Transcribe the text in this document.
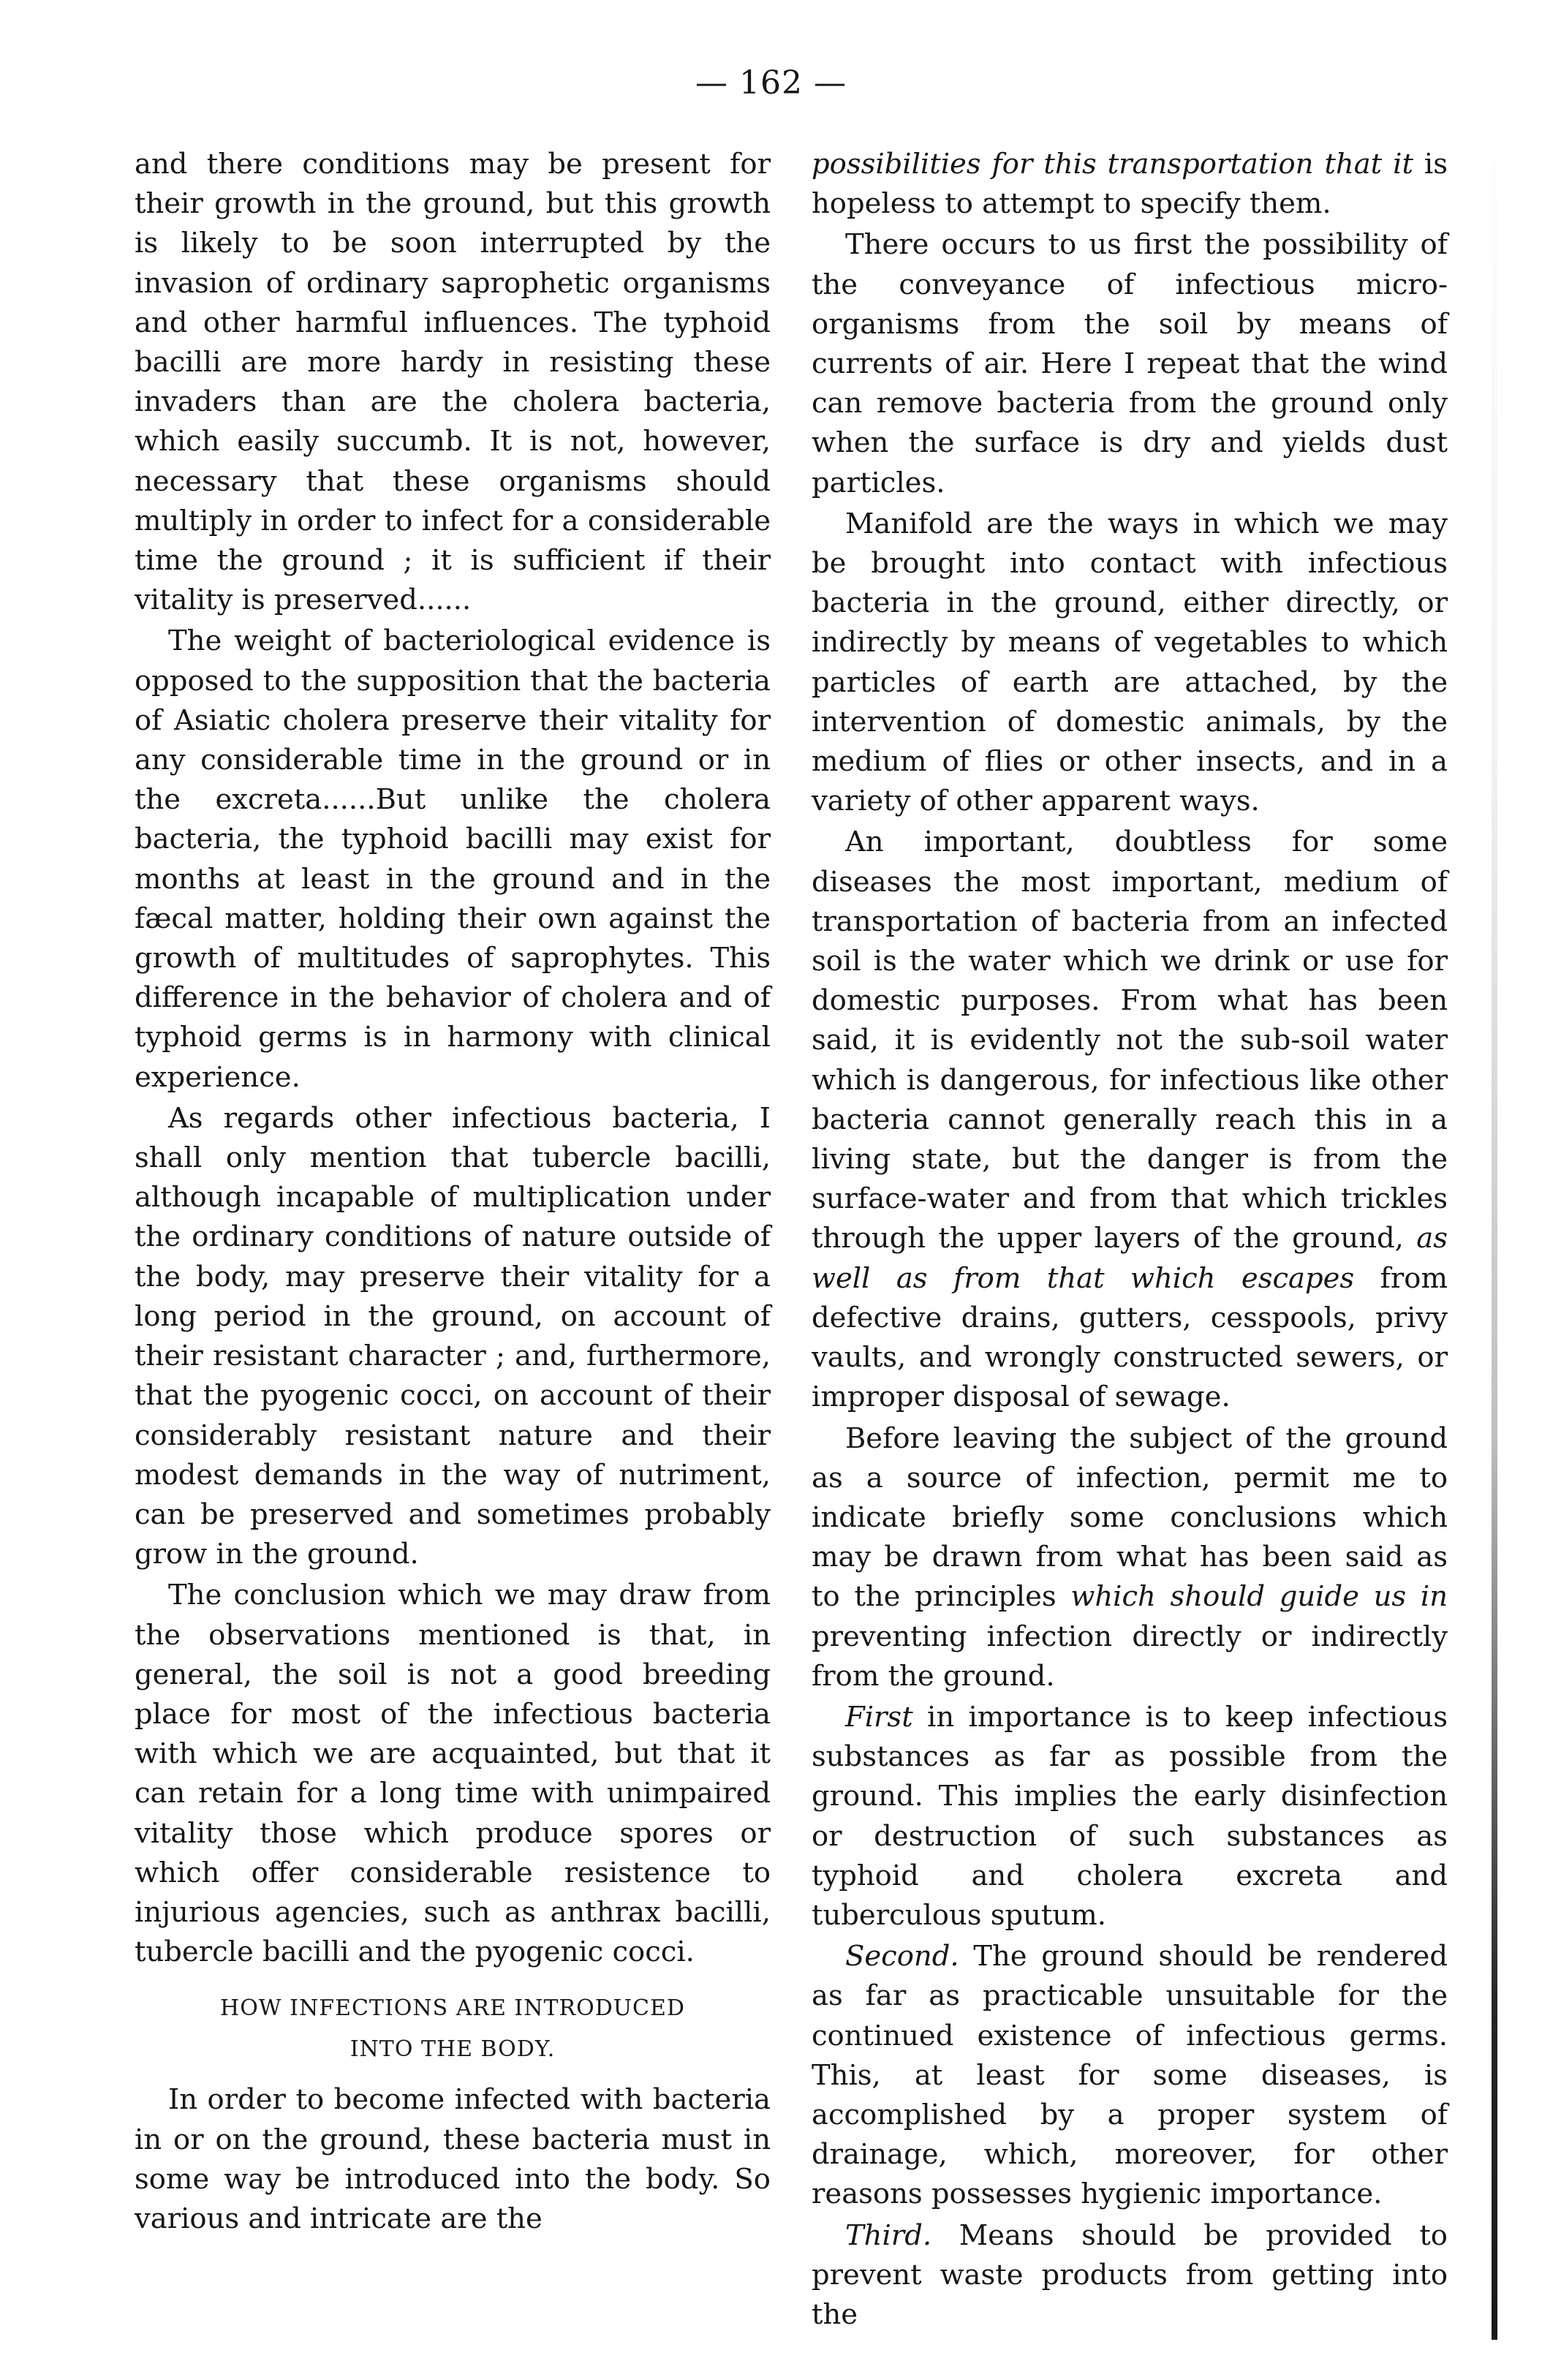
— 162 —

and there conditions may be present for their growth in the ground, but this growth is likely to be soon interrupted by the invasion of ordinary saprophetic organisms and other harmful influences. The typhoid bacilli are more hardy in resisting these invaders than are the cholera bacteria, which easily succumb. It is not, however, necessary that these organisms should multiply in order to infect for a considerable time the ground ; it is sufficient if their vitality is preserved......

The weight of bacteriological evidence is opposed to the supposition that the bacteria of Asiatic cholera preserve their vitality for any considerable time in the ground or in the excreta......But unlike the cholera bacteria, the typhoid bacilli may exist for months at least in the ground and in the fæcal matter, holding their own against the growth of multitudes of saprophytes. This difference in the behavior of cholera and of typhoid germs is in harmony with clinical experience.

As regards other infectious bacteria, I shall only mention that tubercle bacilli, although incapable of multiplication under the ordinary conditions of nature outside of the body, may preserve their vitality for a long period in the ground, on account of their resistant character ; and, furthermore, that the pyogenic cocci, on account of their considerably resistant nature and their modest demands in the way of nutriment, can be preserved and sometimes probably grow in the ground.

The conclusion which we may draw from the observations mentioned is that, in general, the soil is not a good breeding place for most of the infectious bacteria with which we are acquainted, but that it can retain for a long time with unimpaired vitality those which produce spores or which offer considerable resistence to injurious agencies, such as anthrax bacilli, tubercle bacilli and the pyogenic cocci.

HOW INFECTIONS ARE INTRODUCED
INTO THE BODY.

In order to become infected with bacteria in or on the ground, these bacteria must in some way be introduced into the body. So various and intricate are the

possibilities for this transportation that it is hopeless to attempt to specify them.

There occurs to us first the possibility of the conveyance of infectious micro-organisms from the soil by means of currents of air. Here I repeat that the wind can remove bacteria from the ground only when the surface is dry and yields dust particles.

Manifold are the ways in which we may be brought into contact with infectious bacteria in the ground, either directly, or indirectly by means of vegetables to which particles of earth are attached, by the intervention of domestic animals, by the medium of flies or other insects, and in a variety of other apparent ways.

An important, doubtless for some diseases the most important, medium of transportation of bacteria from an infected soil is the water which we drink or use for domestic purposes. From what has been said, it is evidently not the sub-soil water which is dangerous, for infectious like other bacteria cannot generally reach this in a living state, but the danger is from the surface-water and from that which trickles through the upper layers of the ground, as well as from that which escapes from defective drains, gutters, cesspools, privy vaults, and wrongly constructed sewers, or improper disposal of sewage.

Before leaving the subject of the ground as a source of infection, permit me to indicate briefly some conclusions which may be drawn from what has been said as to the principles which should guide us in preventing infection directly or indirectly from the ground.

First in importance is to keep infectious substances as far as possible from the ground. This implies the early disinfection or destruction of such substances as typhoid and cholera excreta and tuberculous sputum.

Second. The ground should be rendered as far as practicable unsuitable for the continued existence of infectious germs. This, at least for some diseases, is accomplished by a proper system of drainage, which, moreover, for other reasons possesses hygienic importance.

Third. Means should be provided to prevent waste products from getting into the
